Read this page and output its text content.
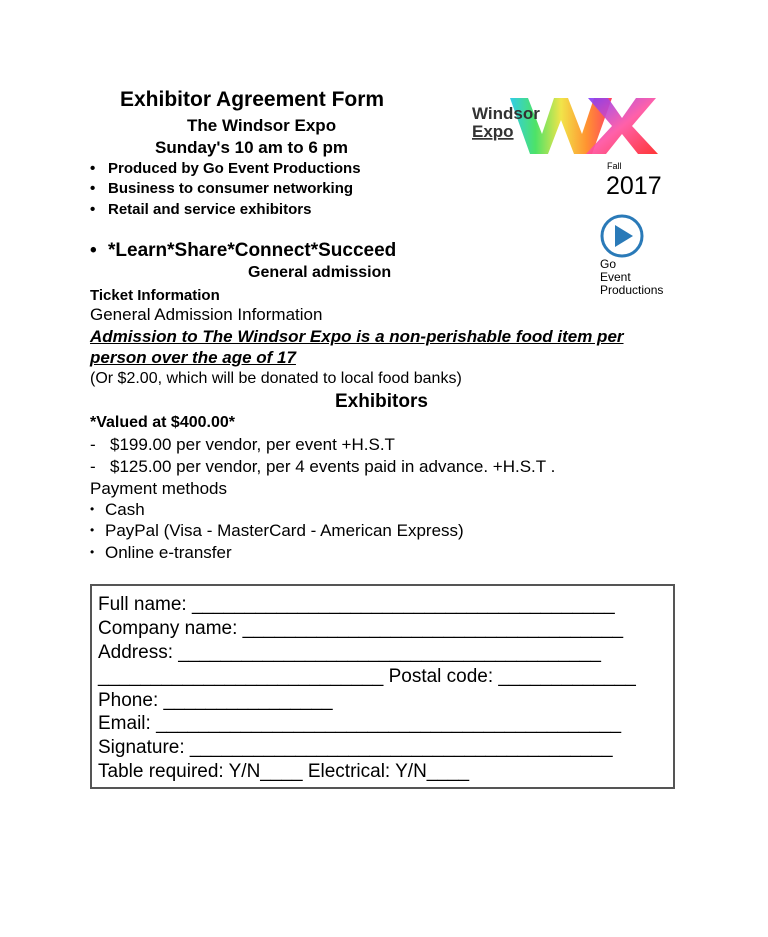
Exhibitor Agreement Form
The Windsor Expo
Sunday's 10 am to 6 pm
• Produced by Go Event Productions
• Business to consumer networking
• Retail and service exhibitors
• *Learn*Share*Connect*Succeed
Windsor
Expo
Fall
2017
Go
Event
Productions
General admission
Ticket Information
General Admission Information
Admission to The Windsor Expo is a non-perishable food item per
person over the age of 17
(Or $2.00, which will be donated to local food banks)
Exhibitors
*Valued at $400.00*
- $199.00 per vendor, per event +H.S.T
- $125.00 per vendor, per 4 events paid in advance. +H.S.T .
Payment methods
• Cash
• PayPal (Visa - MasterCard - American Express)
• Online e-transfer
Full name: ________________________________________
Company name: ____________________________________
Address: ________________________________________
___________________________ Postal code: _____________
Phone: ________________
Email: ____________________________________________
Signature: ________________________________________
Table required: Y/N____ Electrical: Y/N____
